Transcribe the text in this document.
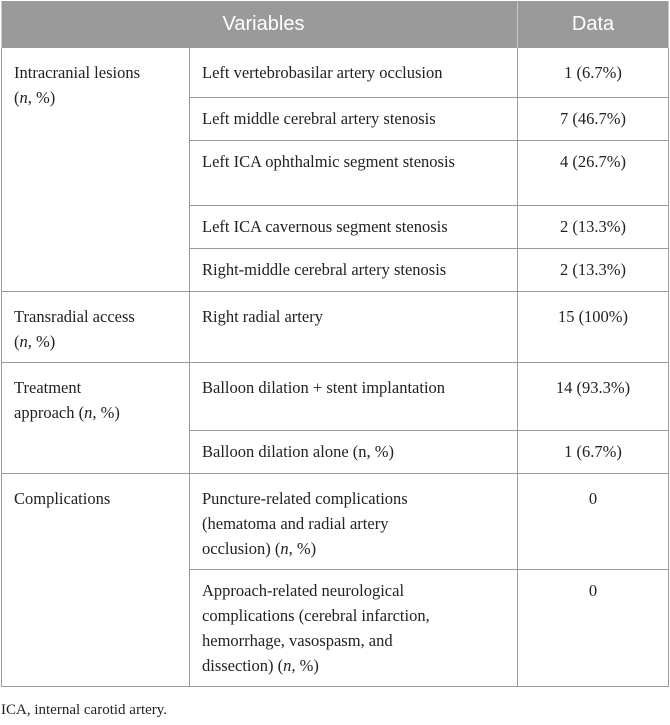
Variables		Data

Intracranial lesions
(n, %)	Left vertebrobasilar artery occlusion	1 (6.7%)

	Left middle cerebral artery stenosis	7 (46.7%)

	Left ICA ophthalmic segment stenosis	4 (26.7%)

	Left ICA cavernous segment stenosis	2 (13.3%)

	Right-middle cerebral artery stenosis	2 (13.3%)

Transradial access
(n, %)	Right radial artery	15 (100%)

Treatment
approach (n, %)	Balloon dilation + stent implantation	14 (93.3%)

	Balloon dilation alone (n, %)	1 (6.7%)

Complications	Puncture-related complications
(hematoma and radial artery
occlusion) (n, %)	0

	Approach-related neurological
complications (cerebral infarction,
hemorrhage, vasospasm, and
dissection) (n, %)	0
ICA, internal carotid artery.
